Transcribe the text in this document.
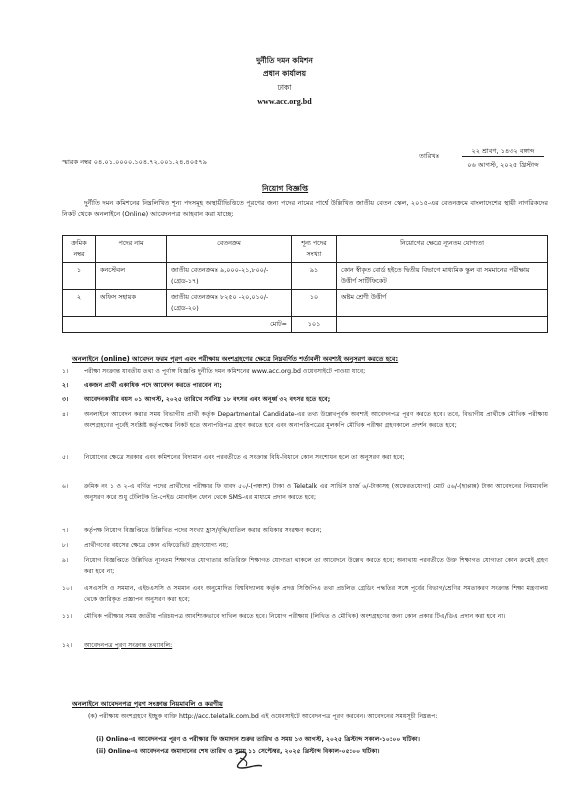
দুর্নীতি দমন কমিশন
প্রধান কার্যালয়
ঢাকা
www.acc.org.bd
স্মারক নম্বর ০৪.০১.০০০০.১০৪.৭২.০০১.২৪.৪০৫৭৯
তারিখঃ
২২ শ্রাবণ, ১৪৩২ বঙ্গাব্দ
০৬ আগস্ট, ২০২৫ খ্রিস্টাব্দ
নিয়োগ বিজ্ঞপ্তি
দুর্নীতি দমন কমিশনের নিম্নলিখিত শূন্য পদসমূহ অস্থায়ীভিত্তিতে পূরণের জন্য পদের নামের পার্শ্বে উল্লিখিত জাতীয় বেতন স্কেল, ২০১৫-এর বেতনক্রমে বাংলাদেশের স্থায়ী নাগরিকদের নিকট থেকে অনলাইনে (Online) আবেদনপত্র আহবান করা যাচ্ছে:
ক্রমিক নম্বর	পদের নাম	বেতনক্রম	শূন্য পদের সংখ্যা	নিয়োগের ক্ষেত্রে ন্যূনতম যোগ্যতা
১	কনস্টেবল	জাতীয় বেতনক্রমঃ ৯,০০০-২১,৮০০/- (গ্রেড-১৭)	৯১	কোন স্বীকৃত বোর্ড হইতে দ্বিতীয় বিভাগে মাধ্যমিক স্কুল বা সমমানের পরীক্ষায় উত্তীর্ণ সার্টিফিকেট
২	অফিস সহায়ক	জাতীয় বেতনক্রমঃ ৮২৫০ -২০,০১০/- (গ্রেড-২০)	১০	অষ্টম শ্রেণী উত্তীর্ণ
মোট=			১০১	
অনলাইনে (online) আবেদন ফরম পূরণ এবং পরীক্ষায় অংশগ্রহণের ক্ষেত্রে নিম্নবর্ণিত শর্তাবলী অবশ্যই অনুসরণ করতে হবে:
১।	পরীক্ষা সংক্রান্ত যাবতীয় তথ্য ও পূর্ণাঙ্গ বিজ্ঞপ্তি দুর্নীতি দমন কমিশনের www.acc.org.bd ওয়েবসাইটে পাওয়া যাবে;
২।	একজন প্রার্থী একাধিক পদে আবেদন করতে পারবেন না;
৩।	আবেদনকারীর বয়স ০১ আগস্ট, ২০২৫ তারিখে সর্বনিম্ন ১৮ বৎসর এবং অনূর্ধ্ব ৩২ বৎসর হতে হবে;
৪।	অনলাইনে আবেদন করার সময় বিভাগীয় প্রার্থী কর্তৃক Departmental Candidate-এর তথ্য উল্লেখপূর্বক অবশ্যই আবেদনপত্র পূরণ করতে হবে। তবে, বিভাগীয় প্রার্থীকে মৌখিক পরীক্ষায় অংশগ্রহণের পূর্বেই সংশ্লিষ্ট কর্তৃপক্ষের নিকট হতে অনাপত্তিপত্র গ্রহণ করতে হবে এবং অনাপত্তিপত্রের মূলকপি মৌখিক পরীক্ষা গ্রহণকালে প্রদর্শন করতে হবে;
৫।	নিয়োগের ক্ষেত্রে সরকার এবং কমিশনের বিদ্যমান এবং পরবর্তীতে এ সংক্রান্ত বিধি-বিধানে কোন সংশোধন হলে তা অনুসরণ করা হবে;
৬।	ক্রমিক নং ১ ও ২-এ বর্ণিত পদের প্রার্থীদের পরীক্ষার ফি বাবদ ৫০/-(পঞ্চাশ) টাকা ও Teletalk এর সার্ভিস চার্জ ৬/-টাকাসহ (অফেরতযোগ্য) মোট ৫৬/-(ছাপ্পান্ন) টাকা আবেদনের নিয়মাবলি অনুসরণ করে শুধু টেলিটক প্রি-পেইড মোবাইল ফোন থেকে SMS-এর মাধ্যমে প্রদান করতে হবে;
৭।	কর্তৃপক্ষ নিয়োগ বিজ্ঞপ্তিতে উল্লিখিত পদের সংখ্যা হ্রাস/বৃদ্ধি/বাতিল করার অধিকার সংরক্ষণ করেন;
৮।	প্রার্থীগণের বয়সের ক্ষেত্রে কোন এফিডেভিট গ্রহণযোগ্য নয়;
৯।	নিয়োগ বিজ্ঞপ্তিতে উল্লিখিত ন্যূনতম শিক্ষাগত যোগ্যতার অতিরিক্ত শিক্ষাগত যোগ্যতা থাকলে তা আবেদনে উল্লেখ করতে হবে; অন্যথায় পরবর্তীতে উক্ত শিক্ষাগত যোগ্যতা কোন ক্রমেই গ্রহণ করা হবে না;
১০।	এসএসসি ও সমমান, এইচএসসি ও সমমান এবং অনুমোদিত বিশ্ববিদ্যালয় কর্তৃক প্রদত্ত সিজিপিএ তথা প্রচলিত গ্রেডিং পদ্ধতির সঙ্গে পূর্বের বিভাগ/শ্রেণির সমতাকরণ সংক্রান্ত শিক্ষা মন্ত্রণালয় থেকে জারিকৃত প্রজ্ঞাপন অনুসরণ করা হবে;
১১।	মৌখিক পরীক্ষার সময় জাতীয় পরিচয়পত্র আবশ্যিকভাবে দাখিল করতে হবে। নিয়োগ পরীক্ষায় (লিখিত ও মৌখিক) অংশগ্রহণের জন্য কোন প্রকার টিএ/ডিএ প্রদান করা হবে না।
১২।	আবেদনপত্র পূরণ সংক্রান্ত তথ্যাবলি:
অনলাইনে আবেদনপত্র পূরণ সংক্রান্ত নিয়মাবলি ও করণীয়
(ক) পরীক্ষায় অংশগ্রহণে ইচ্ছুক ব্যক্তি http://acc.teletalk.com.bd এই ওয়েবসাইটে আবেদনপত্র পূরণ করবেন। আবেদনের সময়সূচী নিম্নরূপ:
(i) Online-এ আবেদনপত্র পূরণ ও পরীক্ষার ফি জমাদান শুরুর তারিখ ও সময় ১৩ আগস্ট, ২০২৫ খ্রিস্টাব্দ সকাল-১০:০০ ঘটিকা।
(ii) Online-এ আবেদনপত্র জমাদানের শেষ তারিখ ও সময় ১১ সেপ্টেম্বর, ২০২৫ খ্রিস্টাব্দ বিকাল-০৫:০০ ঘটিকা।
